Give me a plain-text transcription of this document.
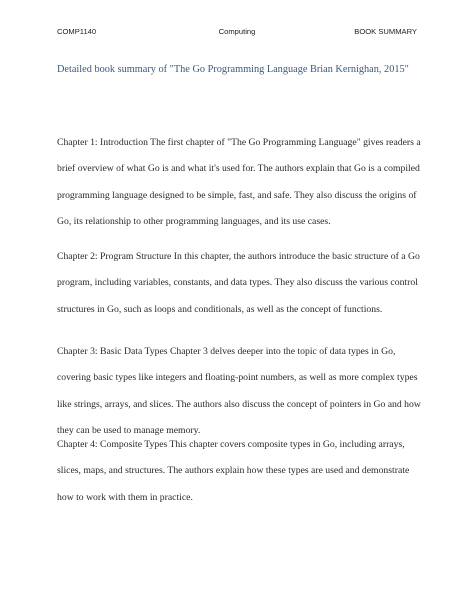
COMP1140	Computing	BOOK SUMMARY
Detailed book summary of "The Go Programming Language Brian Kernighan, 2015"

Chapter 1: Introduction The first chapter of "The Go Programming Language" gives readers a brief overview of what Go is and what it's used for. The authors explain that Go is a compiled programming language designed to be simple, fast, and safe. They also discuss the origins of Go, its relationship to other programming languages, and its use cases.

Chapter 2: Program Structure In this chapter, the authors introduce the basic structure of a Go program, including variables, constants, and data types. They also discuss the various control structures in Go, such as loops and conditionals, as well as the concept of functions.

Chapter 3: Basic Data Types Chapter 3 delves deeper into the topic of data types in Go, covering basic types like integers and floating-point numbers, as well as more complex types like strings, arrays, and slices. The authors also discuss the concept of pointers in Go and how they can be used to manage memory.

Chapter 4: Composite Types This chapter covers composite types in Go, including arrays, slices, maps, and structures. The authors explain how these types are used and demonstrate how to work with them in practice.
